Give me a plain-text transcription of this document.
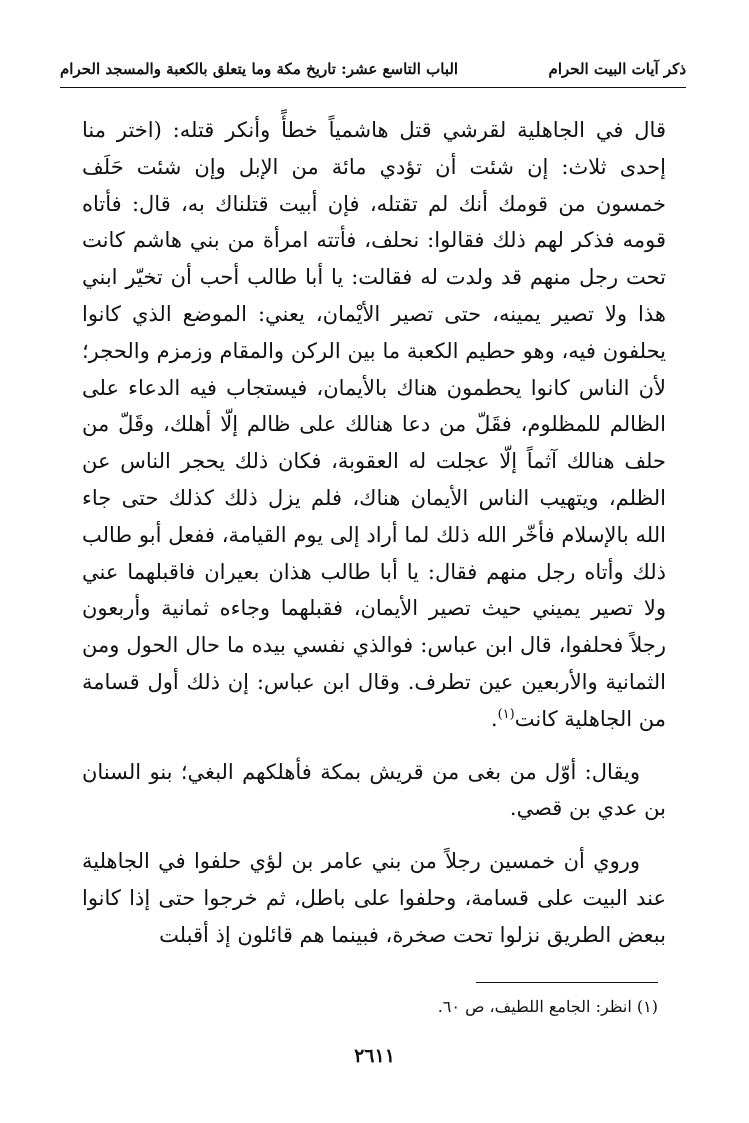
ذكر آيات البيت الحرام
الباب التاسع عشر: تاريخ مكة وما يتعلق بالكعبة والمسجد الحرام

قال في الجاهلية لقرشي قتل هاشمياً خطأً وأنكر قتله: (اختر منا إحدى ثلاث: إن شئت أن تؤدي مائة من الإبل وإن شئت حَلَف خمسون من قومك أنك لم تقتله، فإن أبيت قتلناك به، قال: فأتاه قومه فذكر لهم ذلك فقالوا: نحلف، فأتته امرأة من بني هاشم كانت تحت رجل منهم قد ولدت له فقالت: يا أبا طالب أحب أن تخيّر ابني هذا ولا تصير يمينه، حتى تصير الأيْمان، يعني: الموضع الذي كانوا يحلفون فيه، وهو حطيم الكعبة ما بين الركن والمقام وزمزم والحجر؛ لأن الناس كانوا يحطمون هناك بالأيمان، فيستجاب فيه الدعاء على الظالم للمظلوم، فقَلّ من دعا هنالك على ظالم إلّا أهلك، وقَلّ من حلف هنالك آثماً إلّا عجلت له العقوبة، فكان ذلك يحجر الناس عن الظلم، ويتهيب الناس الأيمان هناك، فلم يزل ذلك كذلك حتى جاء الله بالإسلام فأخّر الله ذلك لما أراد إلى يوم القيامة، ففعل أبو طالب ذلك وأتاه رجل منهم فقال: يا أبا طالب هذان بعيران فاقبلهما عني ولا تصير يميني حيث تصير الأيمان، فقبلهما وجاءه ثمانية وأربعون رجلاً فحلفوا، قال ابن عباس: فوالذي نفسي بيده ما حال الحول ومن الثمانية والأربعين عين تطرف. وقال ابن عباس: إن ذلك أول قسامة من الجاهلية كانت$^{(١)}$.

ويقال: أوّل من بغى من قريش بمكة فأهلكهم البغي؛ بنو السنان بن عدي بن قصي.

وروي أن خمسين رجلاً من بني عامر بن لؤي حلفوا في الجاهلية عند البيت على قسامة، وحلفوا على باطل، ثم خرجوا حتى إذا كانوا ببعض الطريق نزلوا تحت صخرة، فبينما هم قائلون إذ أقبلت

(١) انظر: الجامع اللطيف، ص ٦٠.
٢٦١١
